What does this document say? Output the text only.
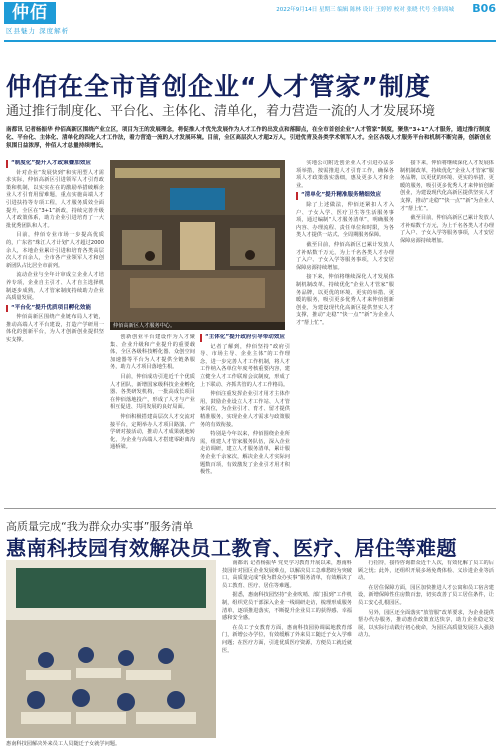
仲佰
区县魅力 深度解析
2022年9月14日 星期三 编辑 陈林 设计 王婷婷 校对 张晓 代号 全职商城 B06
仲佰在全市首创企业“人才管家”制度
通过推行制度化、平台化、主体化、清单化，着力营造一流的人才发展环境
南都讯 记者杨振华 仲佰高新区围绕产业立区，项目为王的发展理念，将促推人才优先发展作为人才工作的出发点和落脚点，在全市首创企业“人才管家”制度，聚焦“3+1”人才服务，通过推行制度化、平台化、主体化、清单化的四化人才工作法，着力营造一流的人才发展环境。目前，全区高层次人才超2万人，引进优青及各类学术领军人才。全区各级人才服务平台和机制不断完善，创新创业氛围日益浓厚，仲佰人才总量持续增长。

“制度化”提升人才政策叠加效应

针对企业“发展快到”和实用型人才需求实际，仲佰高新区引进领军人才引育政策和机制，以实实在在的激励举措破解企业人才引育用留难题，重点实施高端人才引进扶持等专项工程，人才服务质效全面提升，全区在“3+1”新政，持续完善升级人才政策体系，助力企业引进培育了一大批优秀团队和人才。

目前，仲佰专业市场一步提高优质的，广东省“珠江人才计划”人才超过2000余人，本地企业累计引进和培育各类高层次人才百余人，全市各产业领军人才和创新团队占比居全市前列。

流动企业与全年计审成立企业人才培养专项，企业自主引才、人才自主选择机制逐步成熟，人才管家制度持续助力企业高质量发展。

“平台化”提升优质项目孵化效能

仲佰高新区围绕产业链布局人才链，推动高端人才平台建设，打造产学研用一体化的创新平台，为人才创新创业提供坚实支撑。

仲佰高新区人才服务中心。

创新创业平台建设作为人才聚集、企业升级和产业提升的重要载体，全区各级科技孵化器、众创空间加速器等平台为人才提供全链条服务，助力人才项目落地生根。

目前，仲佰成功引进近千个优质人才团队，新增国家级科技企业孵化器、各类研发机构，一批高成长项目在仲佰落地投产，形成了人才与产业相互促进、共同发展的良好局面。

仲佰积极搭建高层次人才交流对接平台，定期举办人才项目路演、产学研对接活动，推动人才成果就地转化，为企业与高端人才搭建零距离沟通桥梁。

“主体化”提升政府引导带动效应

记者了解到，仲佰坚持“政府引导、市场主导、企业主体”的工作理念，进一步完善人才工作机制，将人才工作纳入各单位年度考核重要内容，建立健全人才工作联席会议制度，形成了上下联动、齐抓共管的人才工作格局。

仲佰注重发挥企业引才用才主体作用，鼓励企业设立人才工作站、人才管家岗位，为企业引才、育才、留才提供精准服务，实现企业人才需求与政策服务的有效衔接。

特别是今年以来，仲佰围绕企业所需，组建人才管家服务队伍，深入企业走访调研，建立人才服务清单，累计服务企业千余家次，解决企业人才实际问题数百项，有效激发了企业引才用才积极性。

实地公司附近创企业人才引进办法多项举措，按需推进人才引育工作，确保各项人才政策落实落细，惠及更多人才和企业。

“清单化”提升精准服务精细效应

除了上述做法，仲佰还紧扣人才入户、子女入学、医疗卫生等生活服务事项，通过编制“人才服务清单”，明确服务内容、办理流程、责任单位和时限，为各类人才提供一站式、全周期服务保障。

截至目前，仲佰高新区已累计发放人才补贴数千万元，为上千名各类人才办理了入户、子女入学等服务事项，人才安居保障房源持续增加。

接下来，仲佰将继续深化人才发展体制机制改革，持续优化“企业人才管家”服务品牌，以更优的环境、更实的举措、更暖的服务，吸引更多优秀人才来仲佰创新创业，为建设现代化高新区提供坚实人才支撑，推动“走稳”“快一点”“新”为企业人才“帮上忙”。

接下来，仲佰将继续深化人才发展体制机制改革，持续优化“企业人才管家”服务品牌，以更优的环境、更实的举措、更暖的服务，吸引更多优秀人才来仲佰创新创业，为建设现代化高新区提供坚实人才支撑，推动“走稳”“快一点”“新”为企业人才“帮上忙”。

截至目前，仲佰高新区已累计发放人才补贴数千万元，为上千名各类人才办理了入户、子女入学等服务事项，人才安居保障房源持续增加。

高质量完成“我为群众办实事”服务清单
惠南科技园有效解决员工教育、医疗、居住等难题
惠南科技园解决外来员工人员随迁子女就学问题。

南都讯 记者杨振华 党史学习教育开展以来，惠南科技园针对园区企业发展难点，以解决员工急难愁盼为突破口，高质量完成“我为群众办实事”服务清单，有效解决了员工教育、医疗、居住等难题。

据悉，惠南科技园坚持“企业吹哨、部门报到”工作机制，组织党员干部深入企业一线调研走访，梳理形成服务清单，逐项推进落实，不断提升企业员工的获得感、幸福感和安全感。

在员工子女教育方面，惠南科技园协调属地教育部门，新增公办学位，有效缓解了外来员工随迁子女入学难问题；在医疗方面，引进优质医疗资源，方便员工就近就医。

行招待，接待咨询群众近千人次，有效化解了员工的后顾之忧；此外，还组织开展多场免费体检、义诊进企业等活动。

在居住保障方面，园区加快推进人才公寓和员工宿舍建设，新增保障性住房数百套，切实改善了员工居住条件，让员工安心扎根园区。

另外，园区还全面落实“放管服”改革要求，为企业提供帮办代办服务，推动惠企政策直达快享，助力企业稳定发展，以实际行动践行初心使命，为园区高质量发展注入强劲动力。
